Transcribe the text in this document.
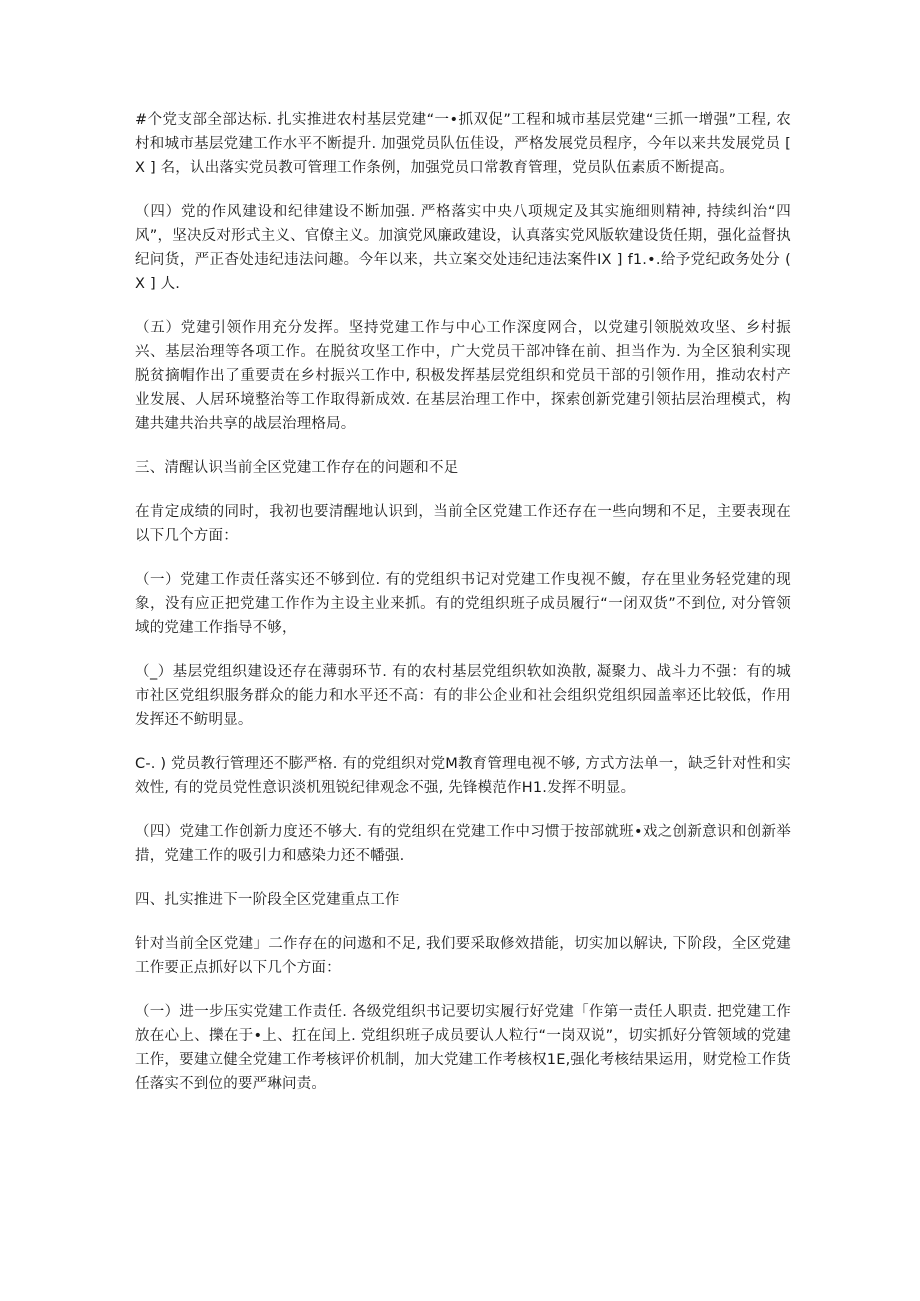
#个党支部全部达标. 扎实推进农村基层党建“一•抓双促”工程和城市基层党建“三抓一增强”工程, 农村和城市基层党建工作水平不断提升. 加强党员队伍佳设，严格发展党员程序，今年以来共发展党员 [ X ] 名，认出落实党员教可管理工作条例，加强党员口常教育管理，党员队伍素质不断提高。

（四）党的作风建设和纪律建设不断加强. 严格落实中央八项规定及其实施细则精神, 持续纠治“四风”，坚决反对形式主义、官僚主义。加演党风廉政建设，认真落实党风版软建设货任期，强化益督执纪问货，严正杳处违纪违法问趣。今年以来，共立案交处违纪违法案件IX ] f1.•.给予党纪政务处分 ( X ] 人.

（五）党建引领作用充分发挥。坚持党建工作与中心工作深度网合，以党建引领脱效攻坚、乡村振兴、基层治理等各项工作。在脱贫攻坚工作中，广大党员干部冲锋在前、担当作为. 为全区狼利实现脱贫摘帽作出了重要责在乡村振兴工作中, 积极发挥基层党组织和党员干部的引领作用，推动农村产业发展、人居环境整治等工作取得新成效. 在基层治理工作中，探索创新党建引领拈层治理模式，构建共建共治共享的战层治理格局。

三、清醒认识当前全区党建工作存在的问题和不足

在肯定成绩的同时，我初也要清醒地认识到，当前全区党建工作还存在一些向甥和不足，主要表现在以下几个方面：

（一）党建工作责任落实还不够到位. 有的党组织书记对党建工作曳视不鰒，存在里业务轻党建的现象，没有应正把党建工作作为主设主业来抓。有的党组织班子成员履行“一闭双货”不到位, 对分管领域的党建工作指导不够，

（_）基层党组织建设还存在薄弱环节. 有的农村基层党组织软如涣散, 凝聚力、战斗力不强：有的城市社区党组织服务群众的能力和水平还不高：有的非公企业和社会组织党组织园盖率还比较低，作用发挥还不鲂明显。

C-. ) 党员教行管理还不膨严格. 有的党组织对党M教育管理电视不够, 方式方法单一，缺乏针对性和实效性, 有的党员党性意识淡机殂锐纪律观念不强, 先锋模范作H1.发挥不明显。

（四）党建工作创新力度还不够大. 有的党组织在党建工作中习惯于按部就班•戏之创新意识和创新举措，党建工作的吸引力和感染力还不幡强.

四、扎实推进下一阶段全区党建重点工作

针对当前全区党建」二作存在的问遨和不足, 我们要采取修效措能，切实加以解诀, 下阶段，全区党建工作要正点抓好以下几个方面：

（一）进一步压实党建工作责任. 各级党组织书记要切实履行好党建「作第一责任人职责. 把党建工作放在心上、擽在于•上、扛在闰上. 党组织班子成员要认人粒行“一岗双说”，切实抓好分管领域的党建工作，要建立健全党建工作考核评价机制，加大党建工作考核权1E,强化考核结果运用，财党检工作货任落实不到位的要严琳问责。
